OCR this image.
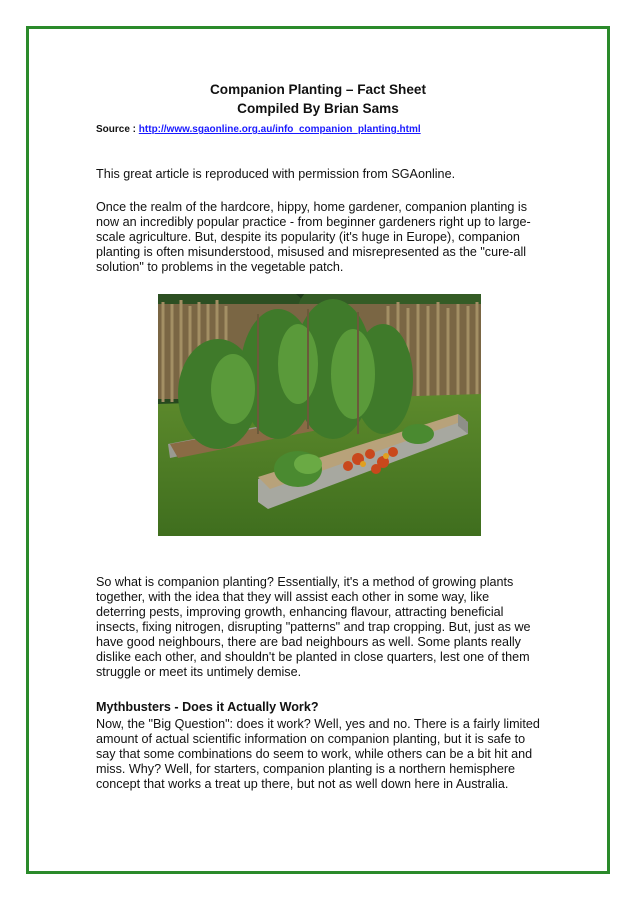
Companion Planting – Fact Sheet
Compiled By Brian Sams
Source : http://www.sgaonline.org.au/info_companion_planting.html
This great article is reproduced with permission from SGAonline.
Once the realm of the hardcore, hippy, home gardener, companion planting is now an incredibly popular practice - from beginner gardeners right up to large-scale agriculture. But, despite its popularity (it's huge in Europe), companion planting is often misunderstood, misused and misrepresented as the "cure-all solution" to problems in the vegetable patch.
So what is companion planting? Essentially, it's a method of growing plants together, with the idea that they will assist each other in some way, like deterring pests, improving growth, enhancing flavour, attracting beneficial insects, fixing nitrogen, disrupting "patterns" and trap cropping. But, just as we have good neighbours, there are bad neighbours as well. Some plants really dislike each other, and shouldn't be planted in close quarters, lest one of them struggle or meet its untimely demise.
Mythbusters - Does it Actually Work?
Now, the "Big Question": does it work? Well, yes and no. There is a fairly limited amount of actual scientific information on companion planting, but it is safe to say that some combinations do seem to work, while others can be a bit hit and miss. Why? Well, for starters, companion planting is a northern hemisphere concept that works a treat up there, but not as well down here in Australia.
